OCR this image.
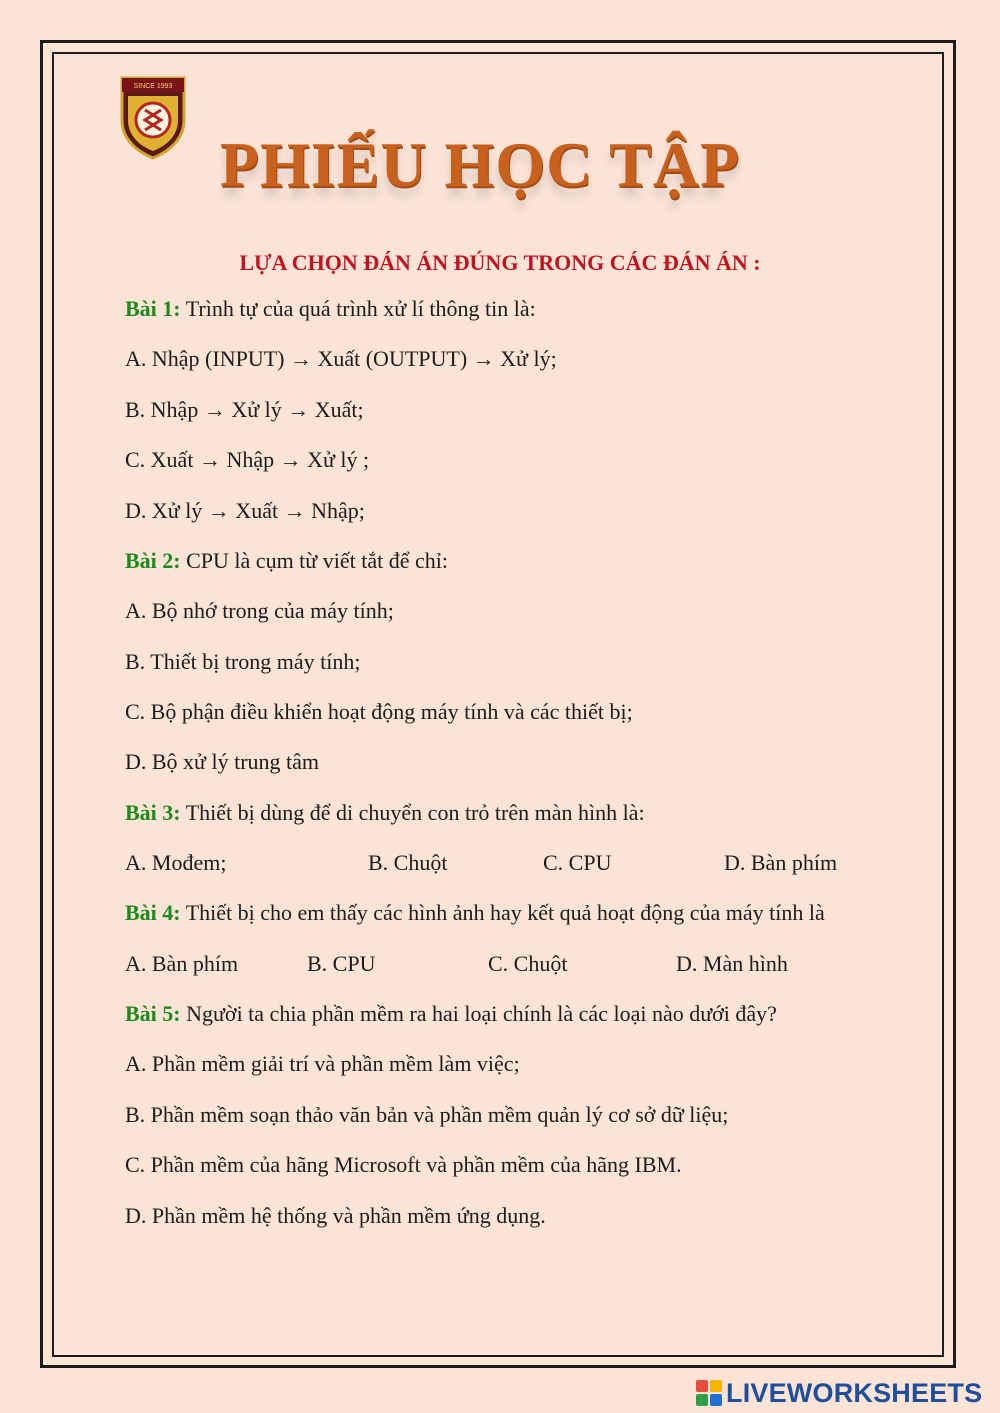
SINCE 1993
PHIẾU HỌC TẬP
LỰA CHỌN ĐÁN ÁN ĐÚNG TRONG CÁC ĐÁN ÁN :
Bài 1: Trình tự của quá trình xử lí thông tin là:
A. Nhập (INPUT) → Xuất (OUTPUT) → Xử lý;
B. Nhập → Xử lý → Xuất;
C. Xuất → Nhập → Xử lý ;
D. Xử lý → Xuất → Nhập;
Bài 2: CPU là cụm từ viết tắt để chỉ:
A. Bộ nhớ trong của máy tính;
B. Thiết bị trong máy tính;
C. Bộ phận điều khiển hoạt động máy tính và các thiết bị;
D. Bộ xử lý trung tâm
Bài 3: Thiết bị dùng để di chuyển con trỏ trên màn hình là:
A. Mođem;	B. Chuột	C. CPU	D. Bàn phím
Bài 4: Thiết bị cho em thấy các hình ảnh hay kết quả hoạt động của máy tính là
A. Bàn phím	B. CPU	C. Chuột	D. Màn hình
Bài 5: Người ta chia phần mềm ra hai loại chính là các loại nào dưới đây?
A. Phần mềm giải trí và phần mềm làm việc;
B. Phần mềm soạn thảo văn bản và phần mềm quản lý cơ sở dữ liệu;
C. Phần mềm của hãng Microsoft và phần mềm của hãng IBM.
D. Phần mềm hệ thống và phần mềm ứng dụng.
LIVEWORKSHEETS
